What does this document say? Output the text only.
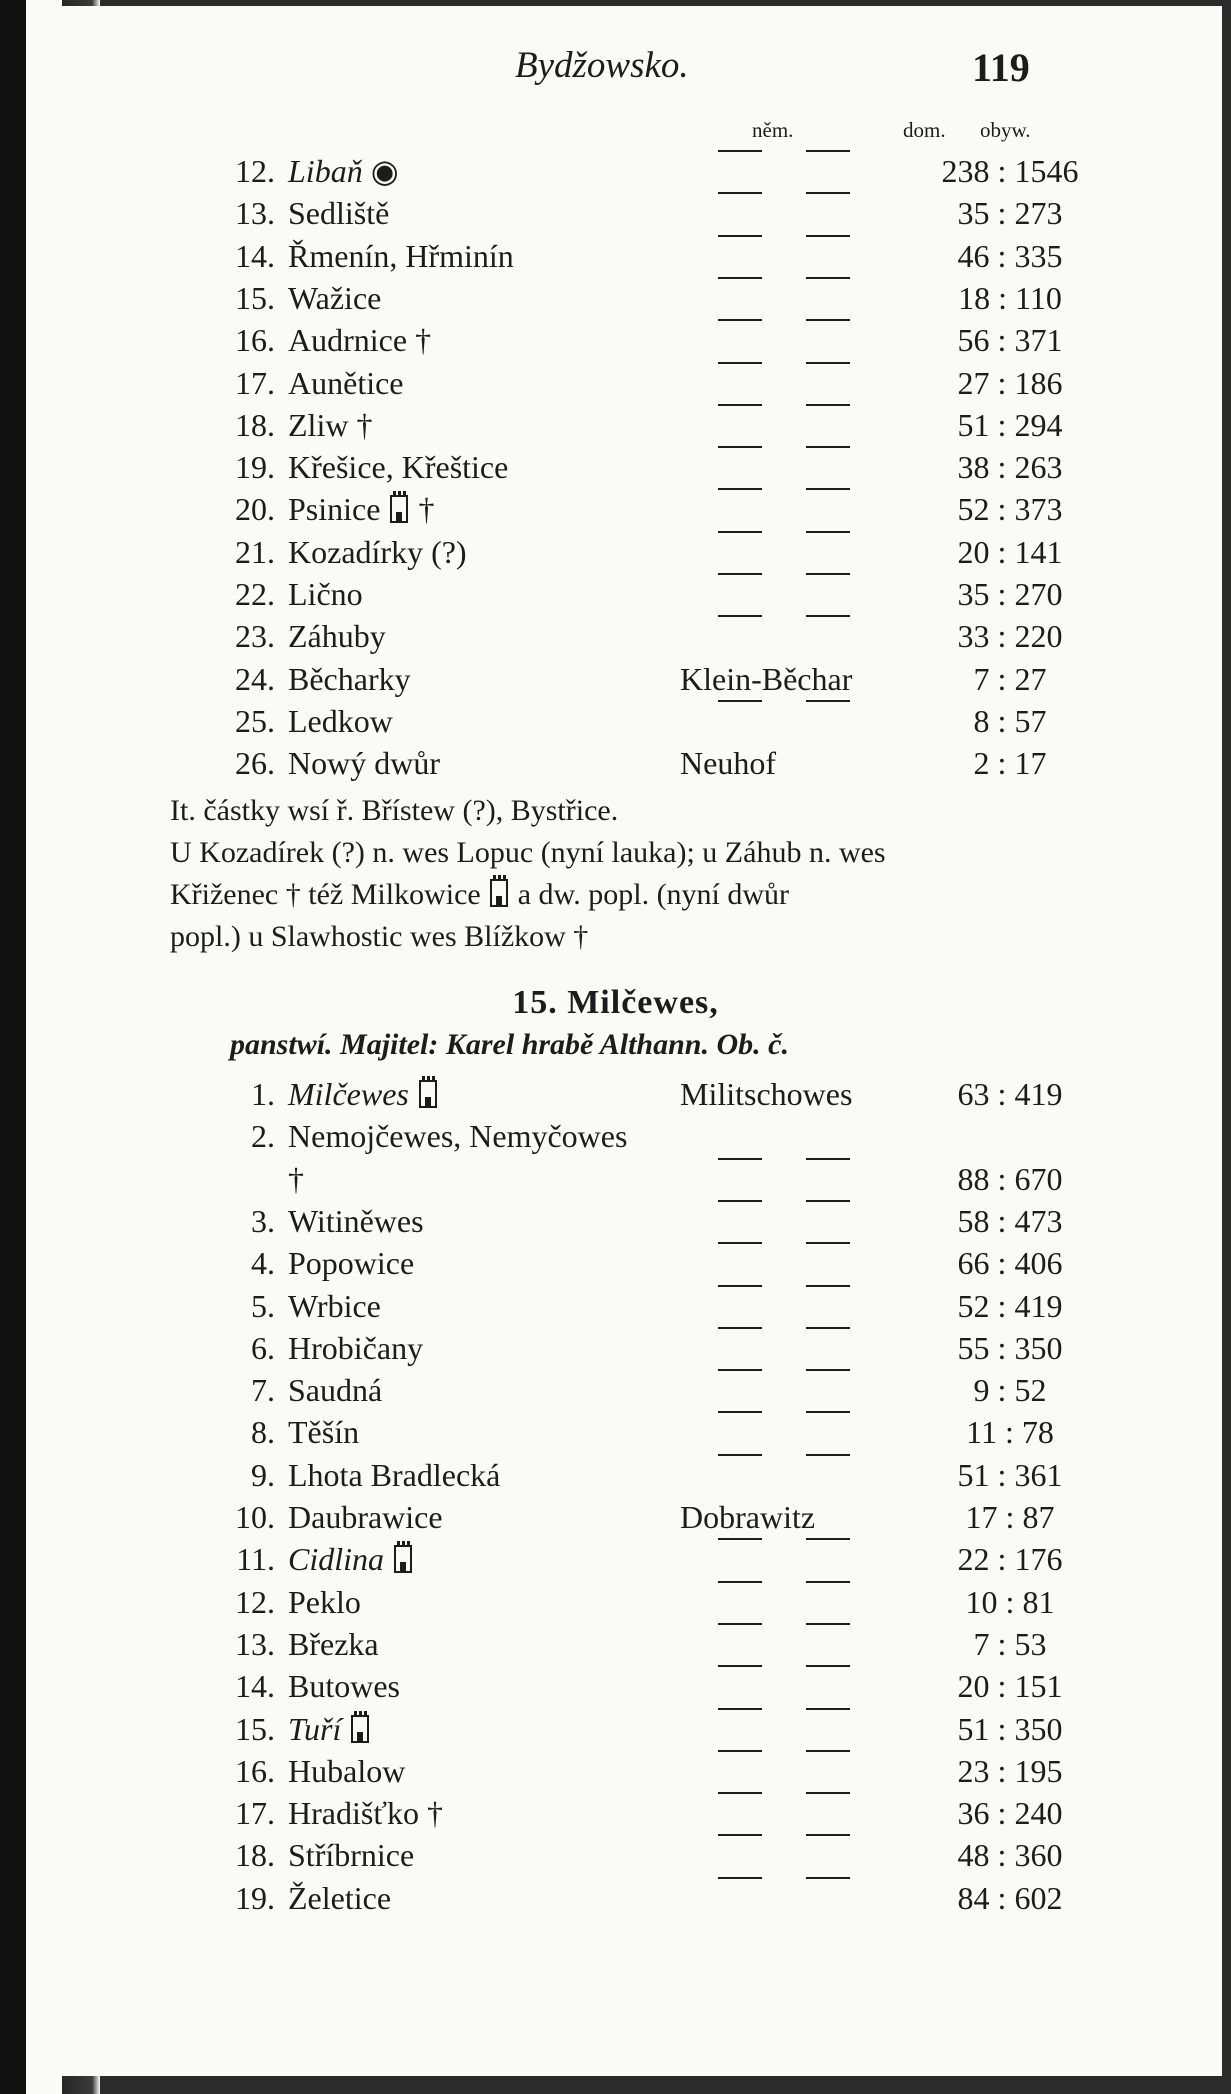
Bydžowsko.	119
něm.	dom. obyw.
12. Libaň ◉	238 : 1546
13. Sedliště	35 : 273
14. Řmenín, Hřminín	46 : 335
15. Wažice	18 : 110
16. Audrnice †	56 : 371
17. Aunětice	27 : 186
18. Zliw †	51 : 294
19. Křešice, Křeštice	38 : 263
20. Psinice  †	52 : 373
21. Kozadírky (?)	20 : 141
22. Lično	35 : 270
23. Záhuby	33 : 220
24. Běcharky	Klein-Běchar	7 : 27
25. Ledkow	8 : 57
26. Nowý dwůr	Neuhof	2 : 17
It. částky wsí ř. Břístew (?), Bystřice.
U Kozadírek (?) n. wes Lopuc (nyní lauka); u Záhub n. wes
Křiženec † též Milkowice a dw. popl. (nyní dwůr
popl.) u Slawhostic wes Blížkow †
15. Milčewes,
panstwí. Majitel: Karel hrabě Althann. Ob. č.
1. Milčewes	Militschowes	63 : 419
2. Nemojčewes, Nemyčowes
†	88 : 670
3. Witiněwes	58 : 473
4. Popowice	66 : 406
5. Wrbice	52 : 419
6. Hrobičany	55 : 350
7. Saudná	9 : 52
8. Těšín	11 : 78
9. Lhota Bradlecká	51 : 361
10. Daubrawice	Dobrawitz	17 : 87
11. Cidlina	22 : 176
12. Peklo	10 : 81
13. Březka	7 : 53
14. Butowes	20 : 151
15. Tuří	51 : 350
16. Hubalow	23 : 195
17. Hradišťko †	36 : 240
18. Stříbrnice	48 : 360
19. Želetice	84 : 602
